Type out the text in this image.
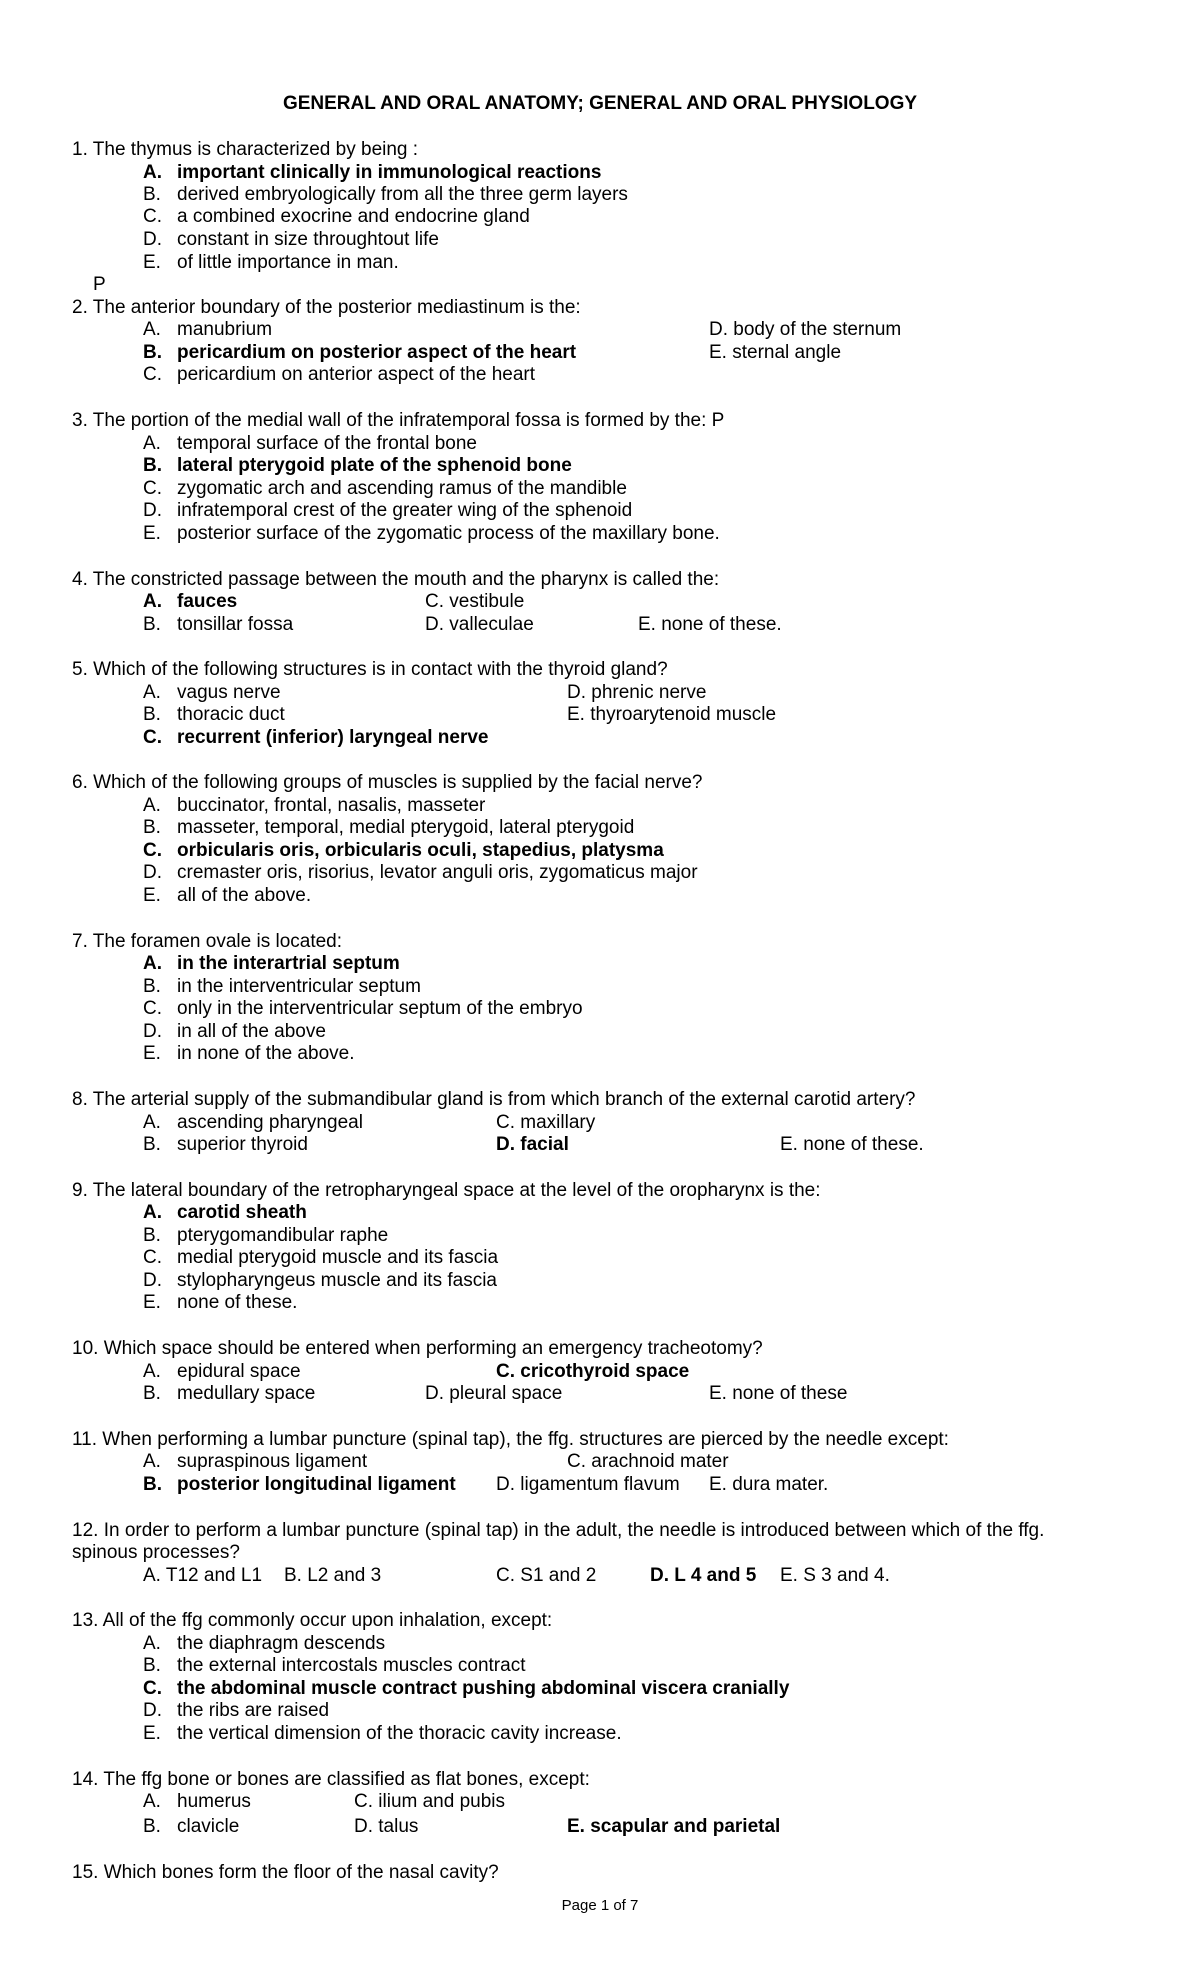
GENERAL AND ORAL ANATOMY; GENERAL AND ORAL PHYSIOLOGY
1. The thymus is characterized by being :
A. important clinically in immunological reactions
B. derived embryologically from all the three germ layers
C. a combined exocrine and endocrine gland
D. constant in size throughtout life
E. of little importance in man.
P
2. The anterior boundary of the posterior mediastinum is the:
A. manubrium	D. body of the sternum
B. pericardium on posterior aspect of the heart	E. sternal angle
C. pericardium on anterior aspect of the heart
3. The portion of the medial wall of the infratemporal fossa is formed by the: P
A. temporal surface of the frontal bone
B. lateral pterygoid plate of the sphenoid bone
C. zygomatic arch and ascending ramus of the mandible
D. infratemporal crest of the greater wing of the sphenoid
E. posterior surface of the zygomatic process of the maxillary bone.
4. The constricted passage between the mouth and the pharynx is called the:
A. fauces	C. vestibule
B. tonsillar fossa	D. valleculae	E. none of these.
5. Which of the following structures is in contact with the thyroid gland?
A. vagus nerve	D. phrenic nerve
B. thoracic duct	E. thyroarytenoid muscle
C. recurrent (inferior) laryngeal nerve
6. Which of the following groups of muscles is supplied by the facial nerve?
A. buccinator, frontal, nasalis, masseter
B. masseter, temporal, medial pterygoid, lateral pterygoid
C. orbicularis oris, orbicularis oculi, stapedius, platysma
D. cremaster oris, risorius, levator anguli oris, zygomaticus major
E. all of the above.
7. The foramen ovale is located:
A. in the interartrial septum
B. in the interventricular septum
C. only in the interventricular septum of the embryo
D. in all of the above
E. in none of the above.
8. The arterial supply of the submandibular gland is from which branch of the external carotid artery?
A. ascending pharyngeal	C. maxillary
B. superior thyroid	D. facial	E. none of these.
9. The lateral boundary of the retropharyngeal space at the level of the oropharynx is the:
A. carotid sheath
B. pterygomandibular raphe
C. medial pterygoid muscle and its fascia
D. stylopharyngeus muscle and its fascia
E. none of these.
10. Which space should be entered when performing an emergency tracheotomy?
A. epidural space	C. cricothyroid space
B. medullary space	D. pleural space	E. none of these
11. When performing a lumbar puncture (spinal tap), the ffg. structures are pierced by the needle except:
A. supraspinous ligament	C. arachnoid mater
B. posterior longitudinal ligament D. ligamentum flavum E. dura mater.
12. In order to perform a lumbar puncture (spinal tap) in the adult, the needle is introduced between which of the ffg.
spinous processes?
A. T12 and L1 B. L2 and 3	C. S1 and 2	D. L 4 and 5 E. S 3 and 4.
13. All of the ffg commonly occur upon inhalation, except:
A. the diaphragm descends
B. the external intercostals muscles contract
C. the abdominal muscle contract pushing abdominal viscera cranially
D. the ribs are raised
E. the vertical dimension of the thoracic cavity increase.
14. The ffg bone or bones are classified as flat bones, except:
A. humerus	C. ilium and pubis
B. clavicle	D. talus	E. scapular and parietal
15. Which bones form the floor of the nasal cavity?
Page 1 of 7
